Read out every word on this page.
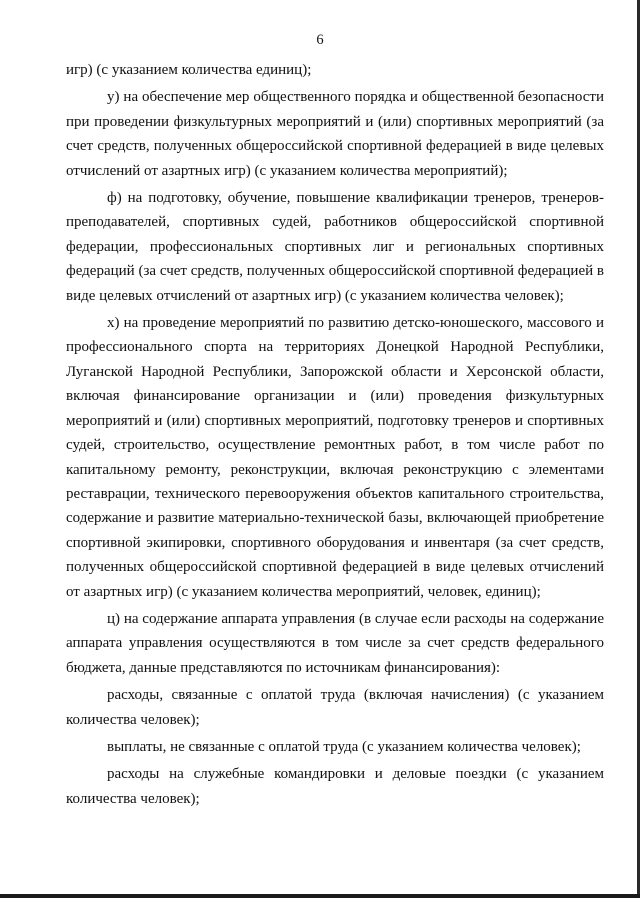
6

игр) (с указанием количества единиц);

у) на обеспечение мер общественного порядка и общественной безопасности при проведении физкультурных мероприятий и (или) спортивных мероприятий (за счет средств, полученных общероссийской спортивной федерацией в виде целевых отчислений от азартных игр) (с указанием количества мероприятий);

ф) на подготовку, обучение, повышение квалификации тренеров, тренеров-преподавателей, спортивных судей, работников общероссийской спортивной федерации, профессиональных спортивных лиг и региональных спортивных федераций (за счет средств, полученных общероссийской спортивной федерацией в виде целевых отчислений от азартных игр) (с указанием количества человек);

х) на проведение мероприятий по развитию детско-юношеского, массового и профессионального спорта на территориях Донецкой Народной Республики, Луганской Народной Республики, Запорожской области и Херсонской области, включая финансирование организации и (или) проведения физкультурных мероприятий и (или) спортивных мероприятий, подготовку тренеров и спортивных судей, строительство, осуществление ремонтных работ, в том числе работ по капитальному ремонту, реконструкции, включая реконструкцию с элементами реставрации, технического перевооружения объектов капитального строительства, содержание и развитие материально-технической базы, включающей приобретение спортивной экипировки, спортивного оборудования и инвентаря (за счет средств, полученных общероссийской спортивной федерацией в виде целевых отчислений от азартных игр) (с указанием количества мероприятий, человек, единиц);

ц) на содержание аппарата управления (в случае если расходы на содержание аппарата управления осуществляются в том числе за счет средств федерального бюджета, данные представляются по источникам финансирования):

расходы, связанные с оплатой труда (включая начисления) (с указанием количества человек);

выплаты, не связанные с оплатой труда (с указанием количества человек);

расходы на служебные командировки и деловые поездки (с указанием количества человек);
